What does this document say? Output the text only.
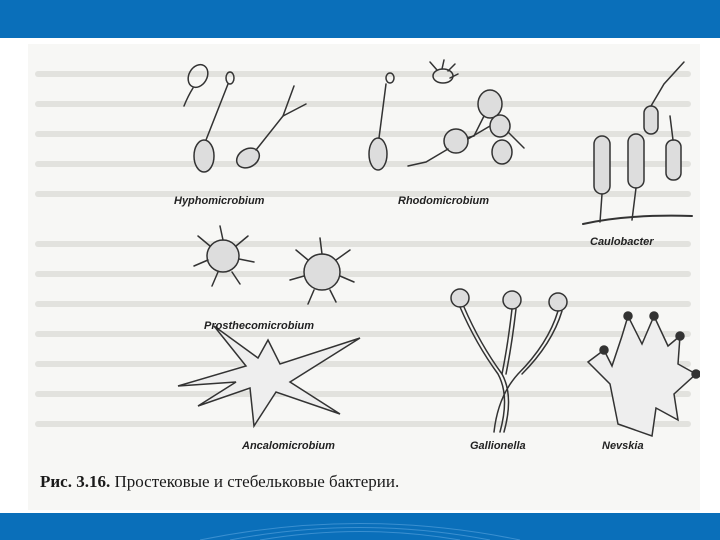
Hyphomicrobium	Rhodomicrobium
Caulobacter
Prosthecomicrobium
Ancalomicrobium	Gallionella	Nevskia
Рис. 3.16. Простековые и стебельковые бактерии.
